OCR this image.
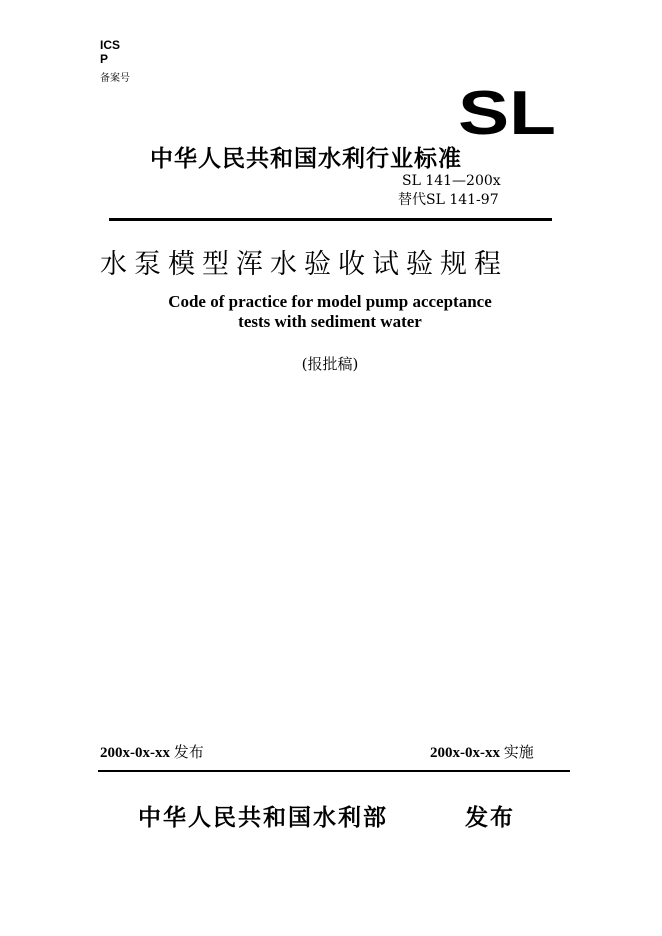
ICS
P
备案号
SL
中华人民共和国水利行业标准
SL 141—200x
替代SL 141-97
水泵模型浑水验收试验规程
Code of practice for model pump acceptance
tests with sediment water
(报批稿)
200x-0x-xx 发布	200x-0x-xx 实施
中华人民共和国水利部	发布
